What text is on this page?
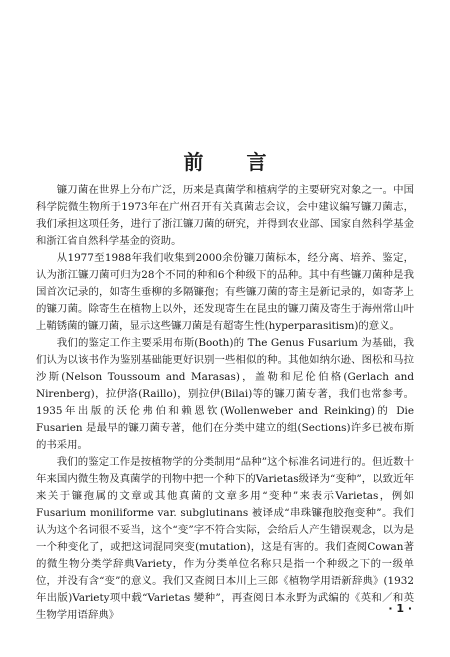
前 言

镰刀菌在世界上分布广泛，历来是真菌学和植病学的主要研究对象之一。中国科学院微生物所于1973年在广州召开有关真菌志会议，会中建议编写镰刀菌志，我们承担这项任务，进行了浙江镰刀菌的研究，并得到农业部、国家自然科学基金和浙江省自然科学基金的资助。

从1977至1988年我们收集到2000余份镰刀菌标本，经分离、培养、鉴定，认为浙江镰刀菌可归为28个不同的种和6个种级下的品种。其中有些镰刀菌种是我国首次记录的，如寄生垂柳的多隔镰孢；有些镰刀菌的寄主是新记录的，如寄茅上的镰刀菌。除寄生在植物上以外，还发现寄生在昆虫的镰刀菌及寄生于海州常山叶上鞘锈菌的镰刀菌，显示这些镰刀菌是有超寄生性(hyperparasitism)的意义。

我们的鉴定工作主要采用布斯(Booth)的 The Genus Fusarium 为基础，我们认为以该书作为鉴别基础能更好识别一些相似的种。其他如纳尔逊、图松和马拉沙斯(Nelson Toussoum and Marasas)，盖勒和尼伦伯格(Gerlach and Nirenberg)，拉伊洛(Raillo)，别拉伊(Bilai)等的镰刀菌专著，我们也常参考。1935年出版的沃伦弗伯和赖恩钦(Wollenweber and Reinking)的 Die Fusarien 是最早的镰刀菌专著，他们在分类中建立的组(Sections)许多已被布斯的书采用。

我们的鉴定工作是按植物学的分类制用“品种”这个标准名词进行的。但近数十年来国内微生物及真菌学的刊物中把一个种下的Varietas级译为“变种”，以致近年来关于镰孢属的文章或其他真菌的文章多用“变种”来表示Varietas，例如 Fusarium moniliforme var. subglutinans 被译成“串珠镰孢胶孢变种”。我们认为这个名词很不妥当，这个“变”字不符合实际，会给后人产生错误观念，以为是一个种变化了，或把这词混同突变(mutation)，这是有害的。我们查阅Cowan著的微生物分类学辞典Variety，作为分类单位名称只是指一个种级之下的一级单位，并没有含“变”的意义。我们又查阅日本川上三郎《植物学用语新辞典》(1932年出版)Variety项中载“Varietas 變种”，再查阅日本永野为武编的《英和／和英生物学用语辞典》	· 1 ·
